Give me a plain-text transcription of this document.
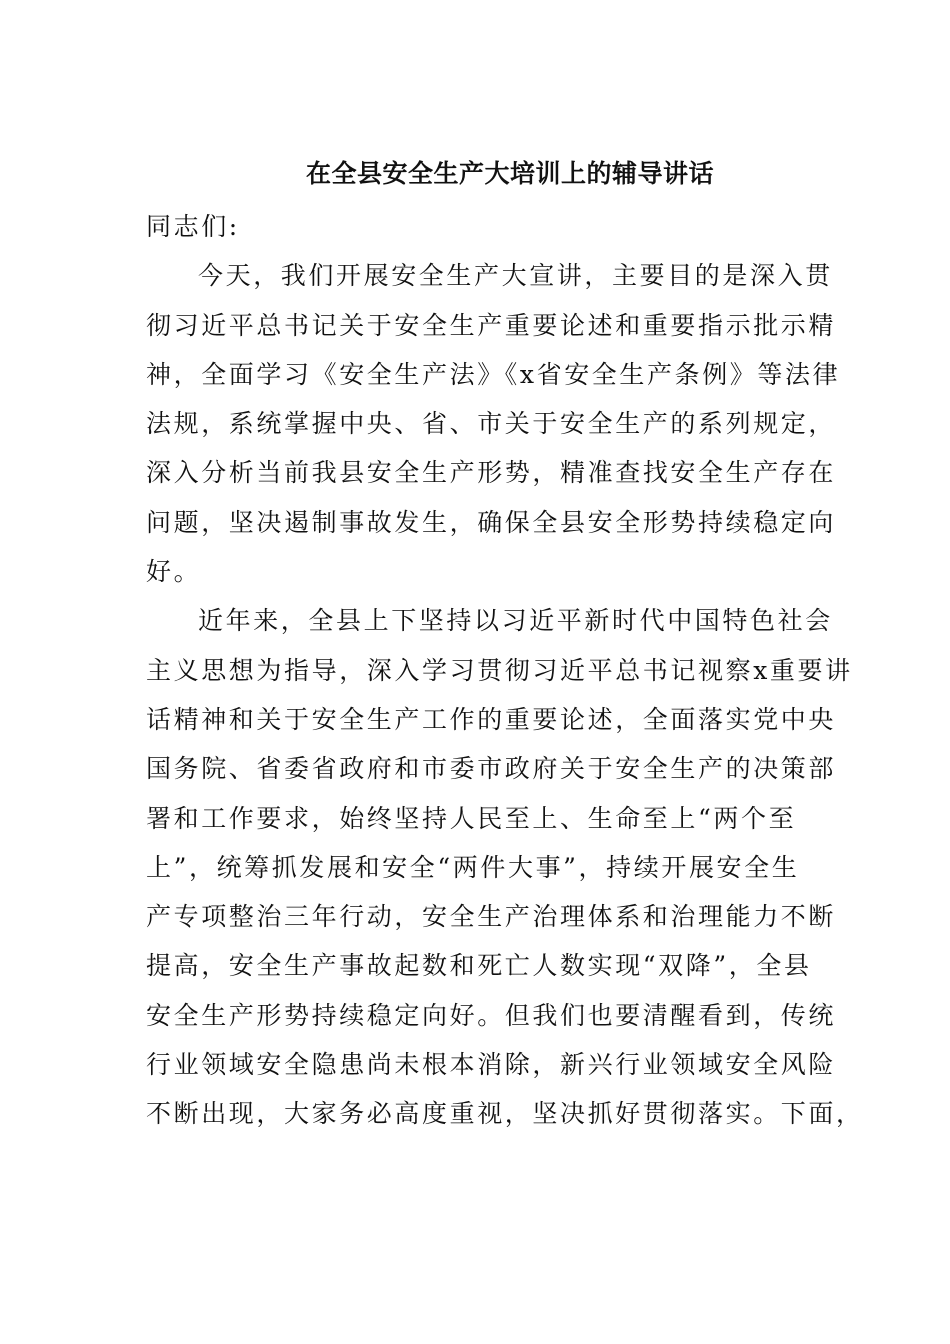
在全县安全生产大培训上的辅导讲话
同志们:
今天，我们开展安全生产大宣讲，主要目的是深入贯
彻习近平总书记关于安全生产重要论述和重要指示批示精
神，全面学习《安全生产法》《x省安全生产条例》等法律
法规，系统掌握中央、省、市关于安全生产的系列规定，
深入分析当前我县安全生产形势，精准查找安全生产存在
问题，坚决遏制事故发生，确保全县安全形势持续稳定向
好。
近年来，全县上下坚持以习近平新时代中国特色社会
主义思想为指导，深入学习贯彻习近平总书记视察x重要讲
话精神和关于安全生产工作的重要论述，全面落实党中央
国务院、省委省政府和市委市政府关于安全生产的决策部
署和工作要求，始终坚持人民至上、生命至上“两个至
上”，统筹抓发展和安全“两件大事”，持续开展安全生
产专项整治三年行动，安全生产治理体系和治理能力不断
提高，安全生产事故起数和死亡人数实现“双降”，全县
安全生产形势持续稳定向好。但我们也要清醒看到，传统
行业领域安全隐患尚未根本消除，新兴行业领域安全风险
不断出现，大家务必高度重视，坚决抓好贯彻落实。下面，
